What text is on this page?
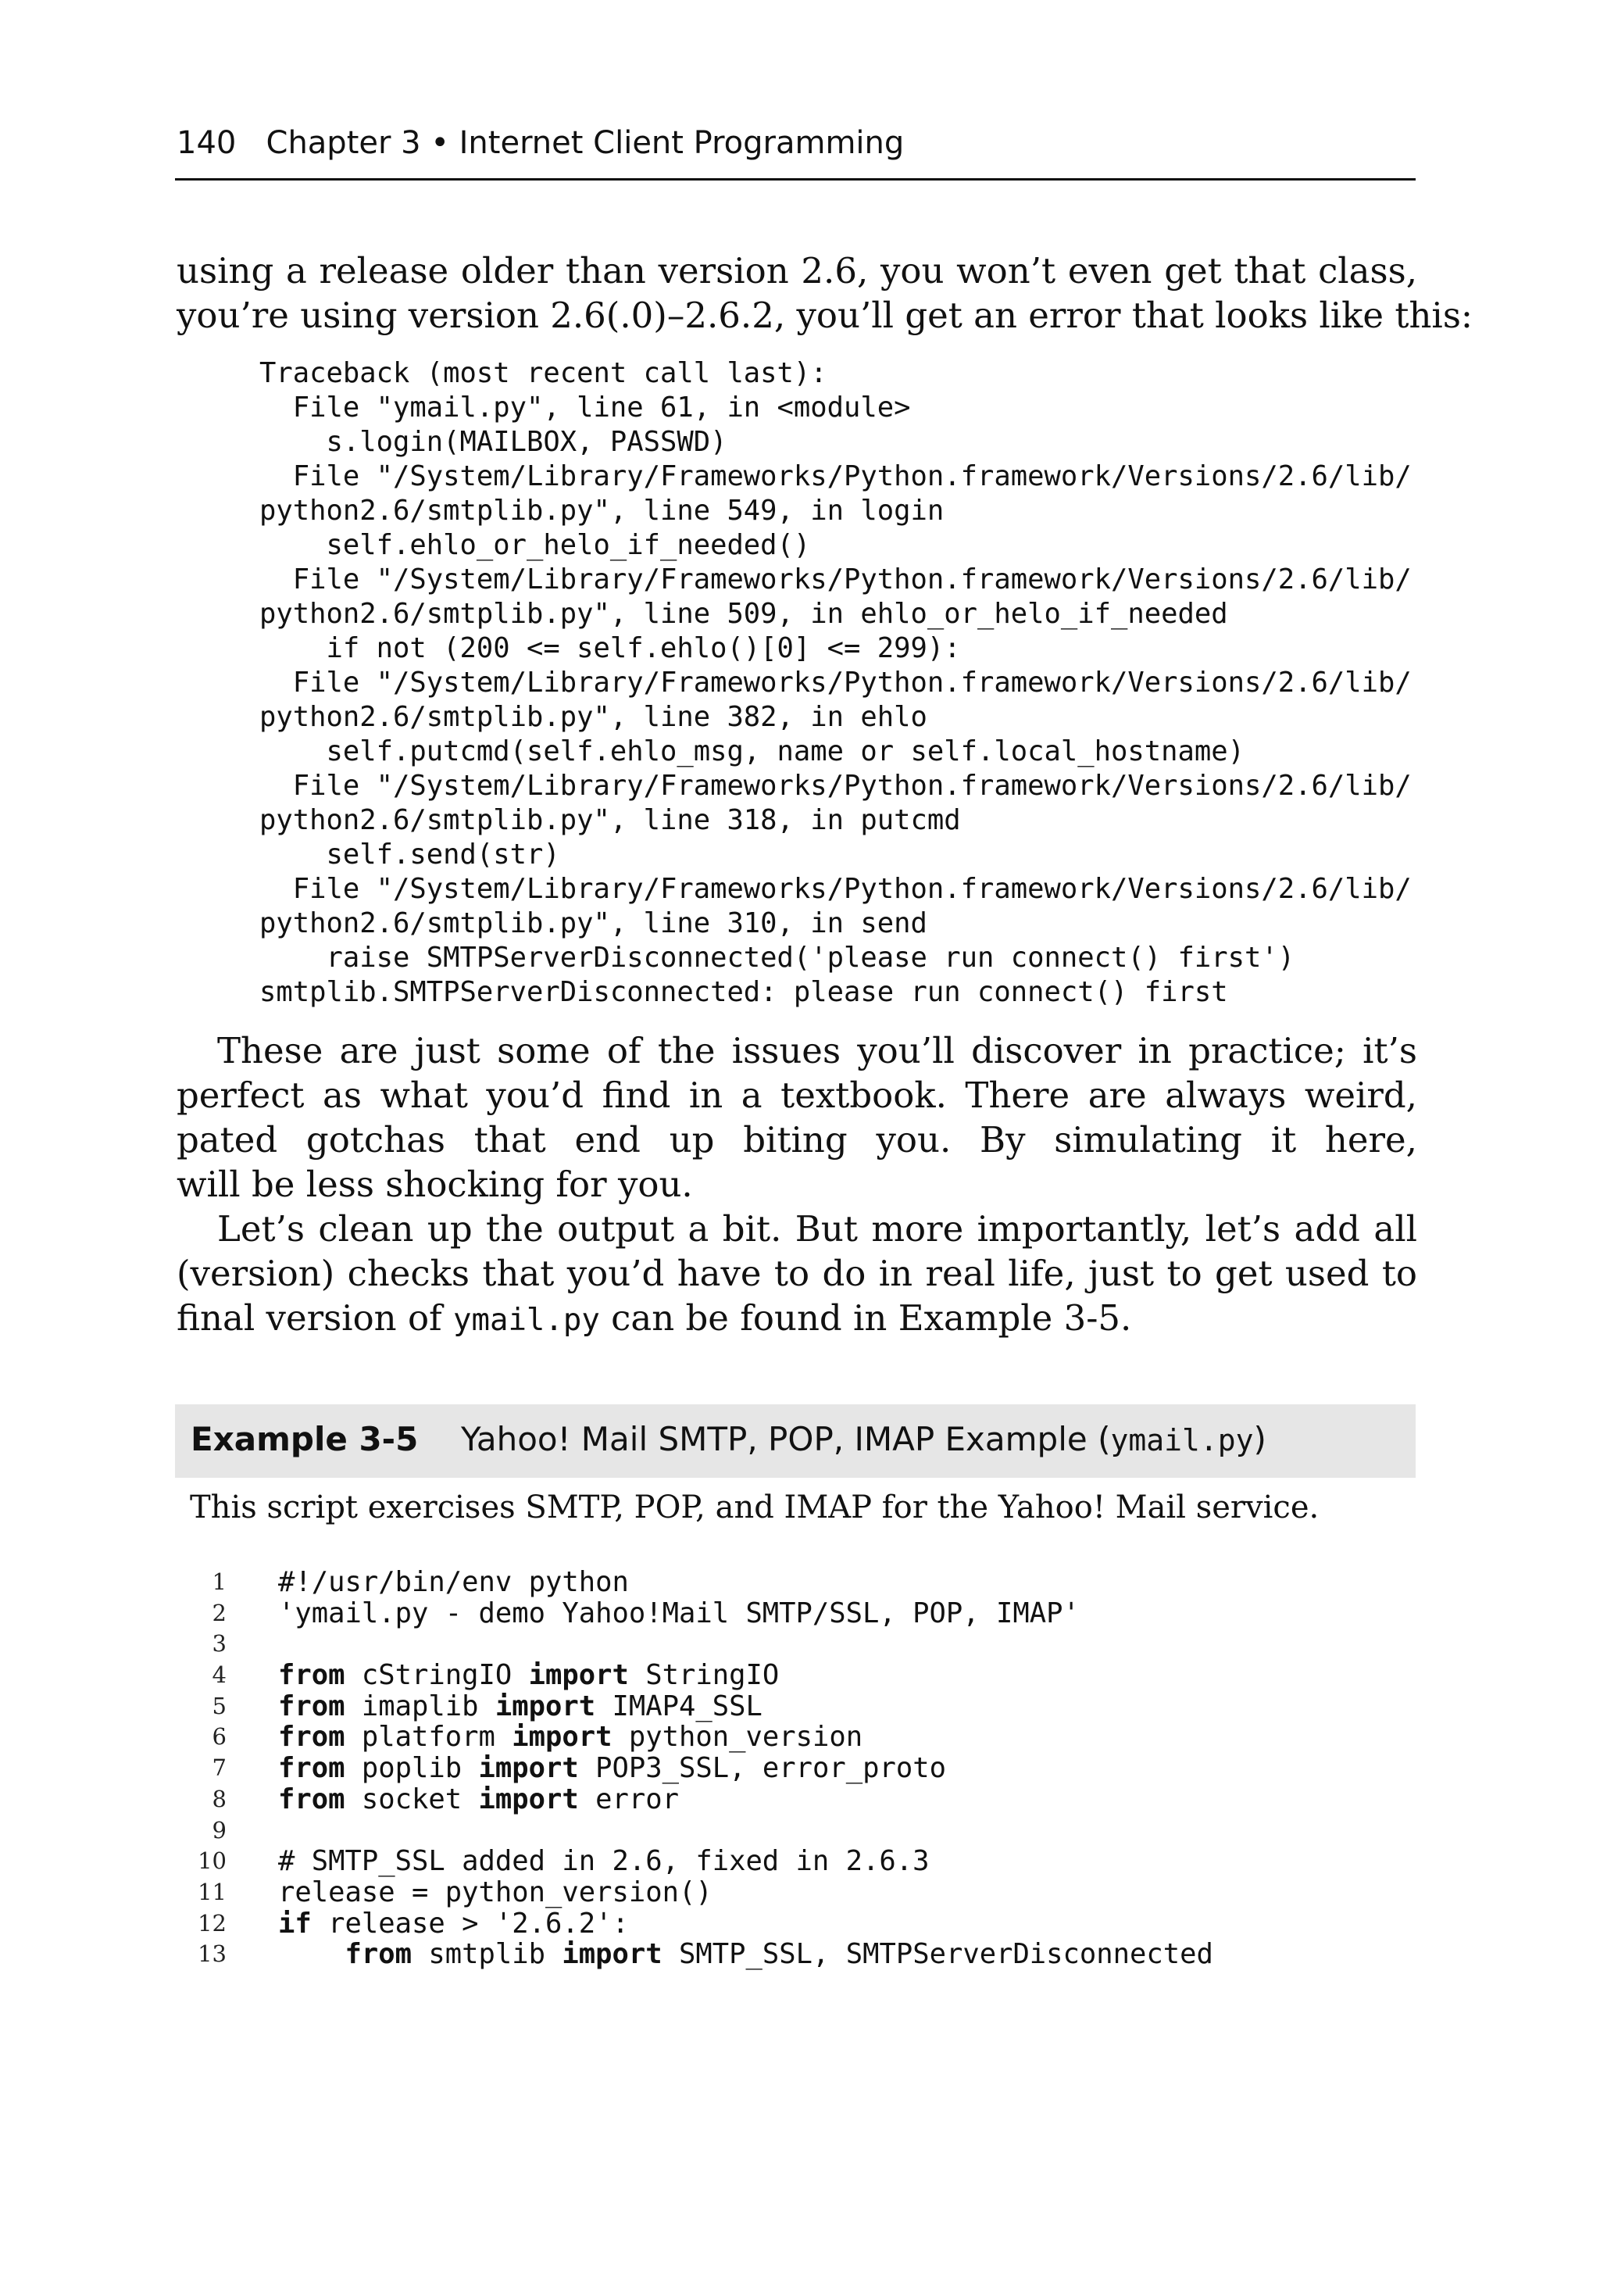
140 Chapter 3 • Internet Client Programming
using a release older than version 2.6, you won’t even get that class,
you’re using version 2.6(.0)–2.6.2, you’ll get an error that looks like this:
Traceback (most recent call last):
File "ymail.py", line 61, in <module>
s.login(MAILBOX, PASSWD)
File "/System/Library/Frameworks/Python.framework/Versions/2.6/lib/
python2.6/smtplib.py", line 549, in login
self.ehlo_or_helo_if_needed()
File "/System/Library/Frameworks/Python.framework/Versions/2.6/lib/
python2.6/smtplib.py", line 509, in ehlo_or_helo_if_needed
if not (200 <= self.ehlo()[0] <= 299):
File "/System/Library/Frameworks/Python.framework/Versions/2.6/lib/
python2.6/smtplib.py", line 382, in ehlo
self.putcmd(self.ehlo_msg, name or self.local_hostname)
File "/System/Library/Frameworks/Python.framework/Versions/2.6/lib/
python2.6/smtplib.py", line 318, in putcmd
self.send(str)
File "/System/Library/Frameworks/Python.framework/Versions/2.6/lib/
python2.6/smtplib.py", line 310, in send
raise SMTPServerDisconnected('please run connect() first')
smtplib.SMTPServerDisconnected: please run connect() first
These are just some of the issues you’ll discover in practice; it’s
perfect as what you’d find in a textbook. There are always weird,
pated gotchas that end up biting you. By simulating it here,
will be less shocking for you.
Let’s clean up the output a bit. But more importantly, let’s add all
(version) checks that you’d have to do in real life, just to get used to
final version of ymail.py can be found in Example 3-5.
Example 3-5 Yahoo! Mail SMTP, POP, IMAP Example (ymail.py)
This script exercises SMTP, POP, and IMAP for the Yahoo! Mail service.
1 #!/usr/bin/env python
2 'ymail.py - demo Yahoo!Mail SMTP/SSL, POP, IMAP'
3
4 from cStringIO import StringIO
5 from imaplib import IMAP4_SSL
6 from platform import python_version
7 from poplib import POP3_SSL, error_proto
8 from socket import error
9
10 # SMTP_SSL added in 2.6, fixed in 2.6.3
11 release = python_version()
12 if release > '2.6.2':
13	from smtplib import SMTP_SSL, SMTPServerDisconnected
